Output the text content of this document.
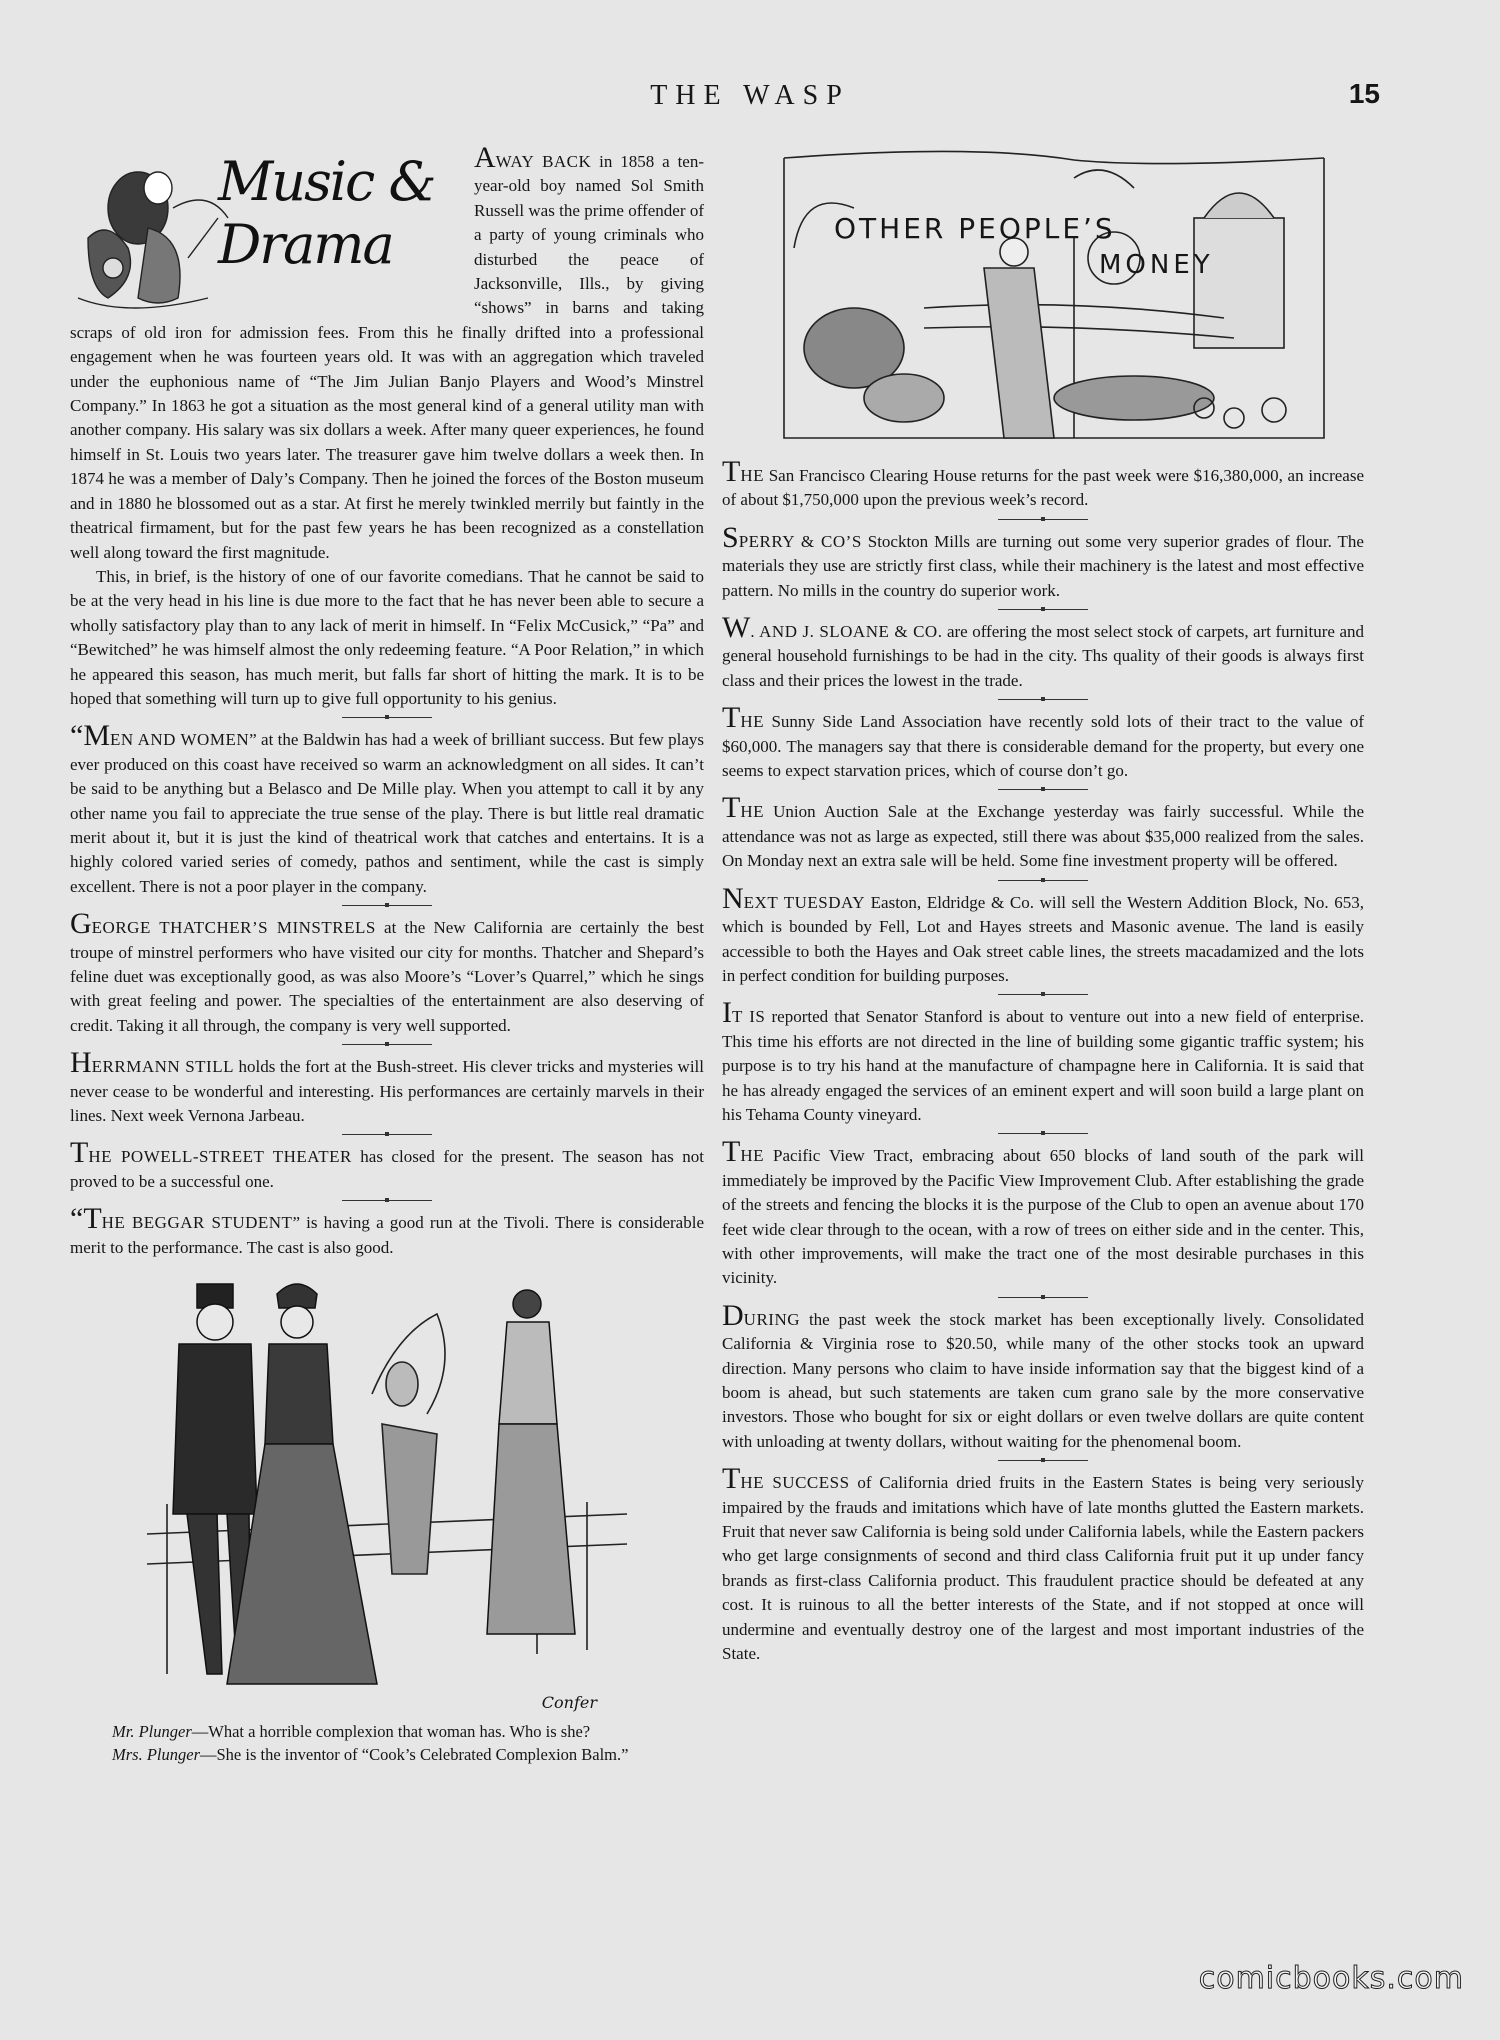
THE WASP	15
Music & Drama

AWAY BACK in 1858 a ten-year-old boy named Sol Smith Russell was the prime offender of a party of young criminals who disturbed the peace of Jacksonville, Ills., by giving “shows” in barns and taking scraps of old iron for admission fees. From this he finally drifted into a professional engagement when he was fourteen years old. It was with an aggregation which traveled under the euphonious name of “The Jim Julian Banjo Players and Wood’s Minstrel Company.” In 1863 he got a situation as the most general kind of a general utility man with another company. His salary was six dollars a week. After many queer experiences, he found himself in St. Louis two years later. The treasurer gave him twelve dollars a week then. In 1874 he was a member of Daly’s Company. Then he joined the forces of the Boston museum and in 1880 he blossomed out as a star. At first he merely twinkled merrily but faintly in the theatrical firmament, but for the past few years he has been recognized as a constellation well along toward the first magnitude.

This, in brief, is the history of one of our favorite comedians. That he cannot be said to be at the very head in his line is due more to the fact that he has never been able to secure a wholly satisfactory play than to any lack of merit in himself. In “Felix McCusick,” “Pa” and “Bewitched” he was himself almost the only redeeming feature. “A Poor Relation,” in which he appeared this season, has much merit, but falls far short of hitting the mark. It is to be hoped that something will turn up to give full opportunity to his genius.

“MEN AND WOMEN” at the Baldwin has had a week of brilliant success. But few plays ever produced on this coast have received so warm an acknowledgment on all sides. It can’t be said to be anything but a Belasco and De Mille play. When you attempt to call it by any other name you fail to appreciate the true sense of the play. There is but little real dramatic merit about it, but it is just the kind of theatrical work that catches and entertains. It is a highly colored varied series of comedy, pathos and sentiment, while the cast is simply excellent. There is not a poor player in the company.

GEORGE THATCHER’S MINSTRELS at the New California are certainly the best troupe of minstrel performers who have visited our city for months. Thatcher and Shepard’s feline duet was exceptionally good, as was also Moore’s “Lover’s Quarrel,” which he sings with great feeling and power. The specialties of the entertainment are also deserving of credit. Taking it all through, the company is very well supported.

HERRMANN STILL holds the fort at the Bush-street. His clever tricks and mysteries will never cease to be wonderful and interesting. His performances are certainly marvels in their lines. Next week Vernona Jarbeau.

THE POWELL-STREET THEATER has closed for the present. The season has not proved to be a successful one.

“THE BEGGAR STUDENT” is having a good run at the Tivoli. There is considerable merit to the performance. The cast is also good.

Confer

Mr. Plunger—What a horrible complexion that woman has. Who is she?

Mrs. Plunger—She is the inventor of “Cook’s Celebrated Complexion Balm.”

OTHER PEOPLE’S
MONEY

THE San Francisco Clearing House returns for the past week were $16,380,000, an increase of about $1,750,000 upon the previous week’s record.

SPERRY & CO’S Stockton Mills are turning out some very superior grades of flour. The materials they use are strictly first class, while their machinery is the latest and most effective pattern. No mills in the country do superior work.

W. AND J. SLOANE & CO. are offering the most select stock of carpets, art furniture and general household furnishings to be had in the city. Ths quality of their goods is always first class and their prices the lowest in the trade.

THE Sunny Side Land Association have recently sold lots of their tract to the value of $60,000. The managers say that there is considerable demand for the property, but every one seems to expect starvation prices, which of course don’t go.

THE Union Auction Sale at the Exchange yesterday was fairly successful. While the attendance was not as large as expected, still there was about $35,000 realized from the sales. On Monday next an extra sale will be held. Some fine investment property will be offered.

NEXT TUESDAY Easton, Eldridge & Co. will sell the Western Addition Block, No. 653, which is bounded by Fell, Lot and Hayes streets and Masonic avenue. The land is easily accessible to both the Hayes and Oak street cable lines, the streets macadamized and the lots in perfect condition for building purposes.

IT IS reported that Senator Stanford is about to venture out into a new field of enterprise. This time his efforts are not directed in the line of building some gigantic traffic system; his purpose is to try his hand at the manufacture of champagne here in California. It is said that he has already engaged the services of an eminent expert and will soon build a large plant on his Tehama County vineyard.

THE Pacific View Tract, embracing about 650 blocks of land south of the park will immediately be improved by the Pacific View Improvement Club. After establishing the grade of the streets and fencing the blocks it is the purpose of the Club to open an avenue about 170 feet wide clear through to the ocean, with a row of trees on either side and in the center. This, with other improvements, will make the tract one of the most desirable purchases in this vicinity.

DURING the past week the stock market has been exceptionally lively. Consolidated California & Virginia rose to $20.50, while many of the other stocks took an upward direction. Many persons who claim to have inside information say that the biggest kind of a boom is ahead, but such statements are taken cum grano sale by the more conservative investors. Those who bought for six or eight dollars or even twelve dollars are quite content with unloading at twenty dollars, without waiting for the phenomenal boom.

THE SUCCESS of California dried fruits in the Eastern States is being very seriously impaired by the frauds and imitations which have of late months glutted the Eastern markets. Fruit that never saw California is being sold under California labels, while the Eastern packers who get large consignments of second and third class California fruit put it up under fancy brands as first-class California product. This fraudulent practice should be defeated at any cost. It is ruinous to all the better interests of the State, and if not stopped at once will undermine and eventually destroy one of the largest and most important industries of the State.

comicbooks.com
